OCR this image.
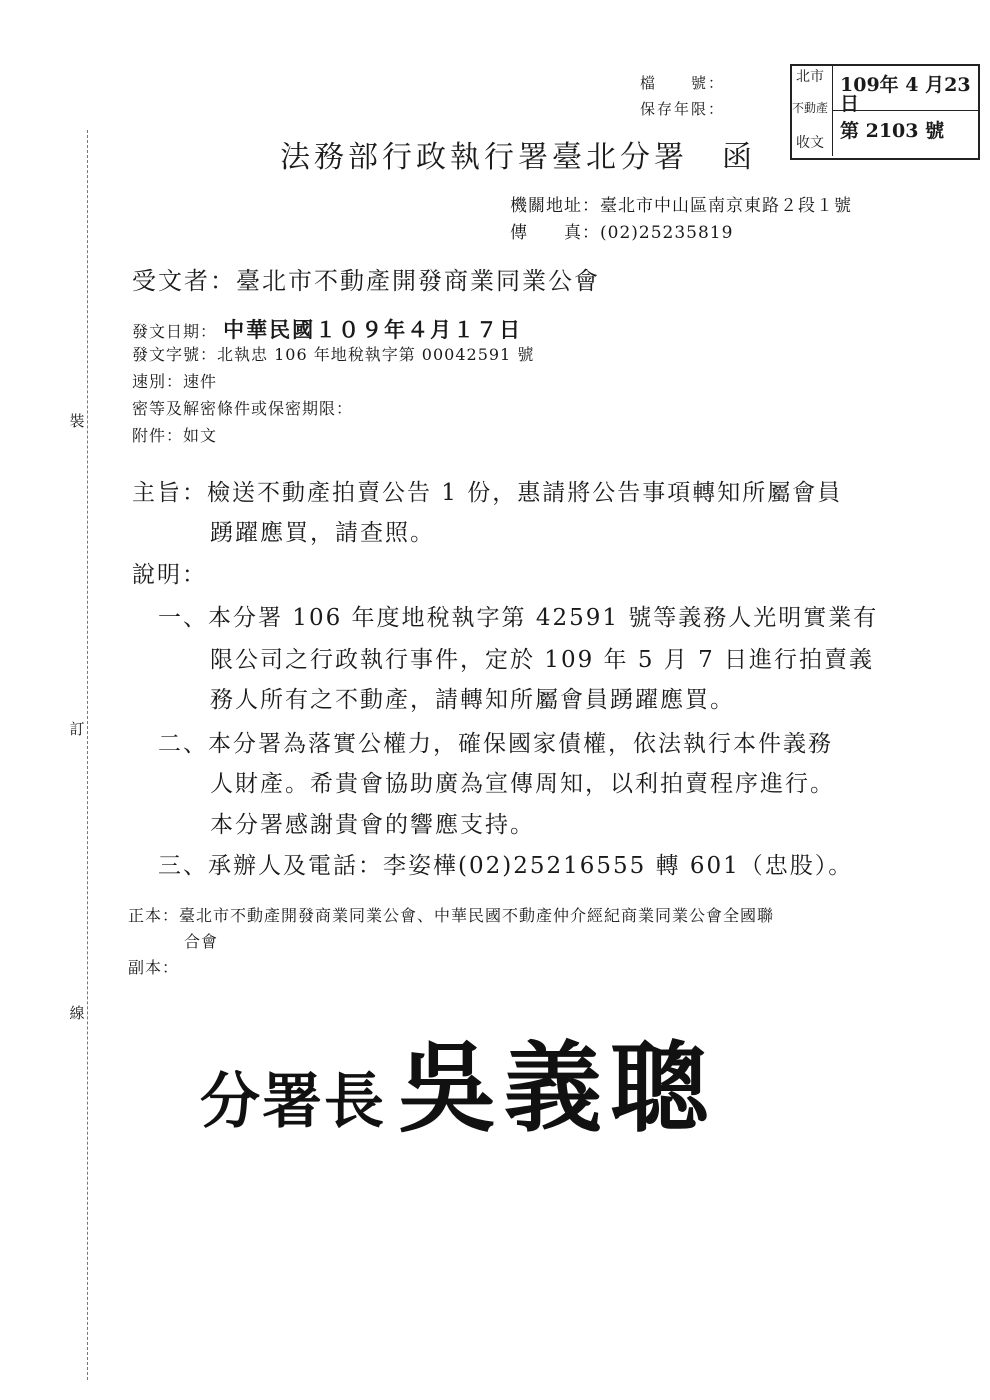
裝
訂
線
檔　　號：
保存年限：
北市
不動產
收文
109年 4 月23日
第 2103 號
法務部行政執行署臺北分署 函
機關地址：臺北市中山區南京東路２段１號
傳　　真：(02)25235819
受文者：臺北市不動產開發商業同業公會
發文日期： 中華民國１０９年４月１７日
發文字號：北執忠 106 年地稅執字第 00042591 號
速別：速件
密等及解密條件或保密期限：
附件：如文
主旨：檢送不動產拍賣公告 1 份，惠請將公告事項轉知所屬會員
踴躍應買，請查照。
說明：
一、本分署 106 年度地稅執字第 42591 號等義務人光明實業有
限公司之行政執行事件，定於 109 年 5 月 7 日進行拍賣義
務人所有之不動產，請轉知所屬會員踴躍應買。
二、本分署為落實公權力，確保國家債權，依法執行本件義務
人財產。希貴會協助廣為宣傳周知，以利拍賣程序進行。
本分署感謝貴會的響應支持。
三、承辦人及電話：李姿樺(02)25216555 轉 601（忠股）。
正本：臺北市不動產開發商業同業公會、中華民國不動產仲介經紀商業同業公會全國聯
合會
副本：
分署長 吳義聰
